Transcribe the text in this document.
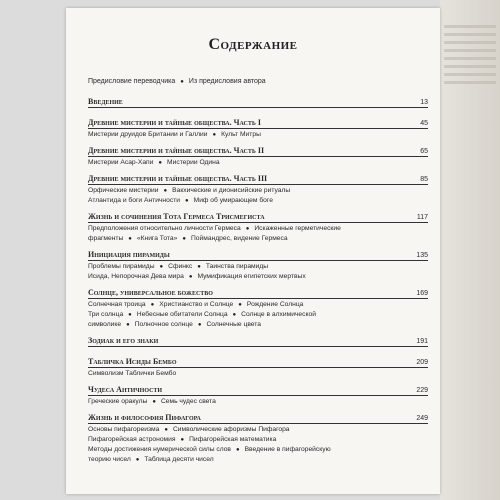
Содержание
Предисловие переводчика ● Из предисловия автора
Введение	13
Древние мистерии и тайные общества. Часть I	45
Мистерии друидов Британии и Галлии ● Культ Митры
Древние мистерии и тайные общества. Часть II	65
Мистерии Асар-Хапи ● Мистерии Одина
Древние мистерии и тайные общества. Часть III	85
Орфические мистерии ● Вакхические и дионисийские ритуалы
Атлантида и боги Античности ● Миф об умирающем боге
Жизнь и сочинения Тота Гермеса Трисмегиста	117
Предположения относительно личности Гермеса ● Искаженные герметические
фрагменты ● «Книга Тота» ● Поймандрес, видение Гермеса
Инициация пирамиды	135
Проблемы пирамиды ● Сфинкс ● Таинства пирамиды
Исида, Непорочная Дева мира ● Мумификация египетских мертвых
Солнце, универсальное божество	169
Солнечная троица ● Христианство и Солнце ● Рождение Солнца
Три солнца ● Небесные обитатели Солнца ● Солнце в алхимической
символике ● Полночное солнце ● Солнечные цвета
Зодиак и его знаки	191
Табличка Исиды Бембо	209
Символизм Таблички Бембо
Чудеса Античности	229
Греческие оракулы ● Семь чудес света
Жизнь и философия Пифагора	249
Основы пифагореизма ● Символические афоризмы Пифагора
Пифагорейская астрономия ● Пифагорейская математика
Методы достижения нумерической силы слов ● Введение в пифагорейскую
теорию чисел ● Таблица десяти чисел
